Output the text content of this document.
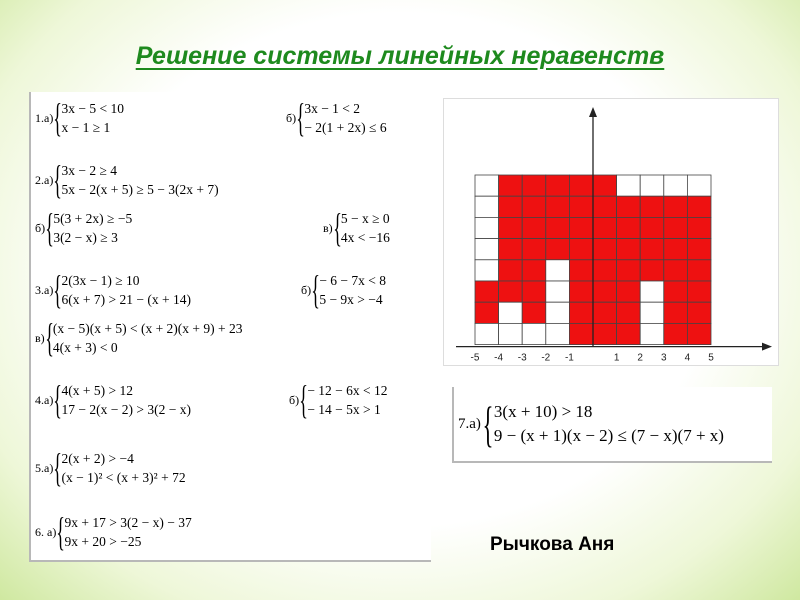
Решение системы линейных неравенств
1.а) { 3x − 5 < 10
x − 1 ≥ 1
б) { 3x − 1 < 2
− 2(1 + 2x) ≤ 6
2.а) { 3x − 2 ≥ 4
5x − 2(x + 5) ≥ 5 − 3(2x + 7)
б) { 5(3 + 2x) ≥ −5
3(2 − x) ≥ 3
в) { 5 − x ≥ 0
4x < −16
3.а) { 2(3x − 1) ≥ 10
6(x + 7) > 21 − (x + 14)
б) { − 6 − 7x < 8
5 − 9x > −4
в) { (x − 5)(x + 5) < (x + 2)(x + 9) + 23
4(x + 3) < 0
4.а) { 4(x + 5) > 12
17 − 2(x − 2) > 3(2 − x)
б) { − 12 − 6x < 12
− 14 − 5x > 1
5.а) { 2(x + 2) > −4
(x − 1)² < (x + 3)² + 72
6. а) { 9x + 17 > 3(2 − x) − 37
9x + 20 > −25
-5 -4 -3 -2 -1	1 2 3 4 5
7.а) { 3(x + 10) > 18
9 − (x + 1)(x − 2) ≤ (7 − x)(7 + x)
Рычкова Аня
